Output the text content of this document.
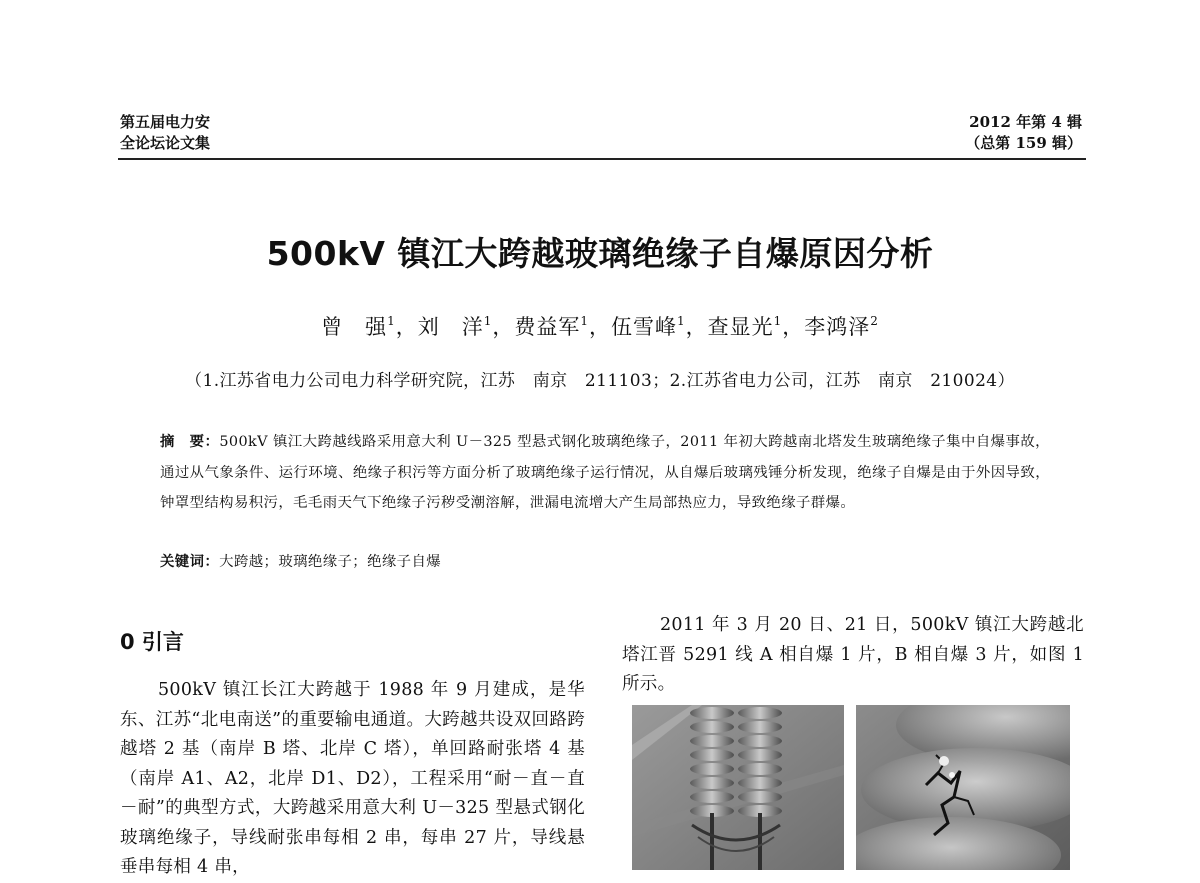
第五届电力安
全论坛论文集
2012 年第 4 辑
（总第 159 辑）
500kV 镇江大跨越玻璃绝缘子自爆原因分析
曾　强$^1$，刘　洋$^1$，费益军$^1$，伍雪峰$^1$，查显光$^1$，李鸿泽$^2$
（1.江苏省电力公司电力科学研究院，江苏　南京　211103；2.江苏省电力公司，江苏　南京　210024）
摘　要：500kV 镇江大跨越线路采用意大利 U－325 型悬式钢化玻璃绝缘子，2011 年初大跨越南北塔发生玻璃绝缘子集中自爆事故，通过从气象条件、运行环境、绝缘子积污等方面分析了玻璃绝缘子运行情况，从自爆后玻璃残锤分析发现，绝缘子自爆是由于外因导致，钟罩型结构易积污，毛毛雨天气下绝缘子污秽受潮溶解，泄漏电流增大产生局部热应力，导致绝缘子群爆。
关键词：大跨越；玻璃绝缘子；绝缘子自爆
0 引言
500kV 镇江长江大跨越于 1988 年 9 月建成，是华东、江苏“北电南送”的重要输电通道。大跨越共设双回路跨越塔 2 基（南岸 B 塔、北岸 C 塔），单回路耐张塔 4 基（南岸 A1、A2，北岸 D1、D2），工程采用“耐－直－直－耐”的典型方式，大跨越采用意大利 U－325 型悬式钢化玻璃绝缘子，导线耐张串每相 2 串，每串 27 片，导线悬垂串每相 4 串，
2011 年 3 月 20 日、21 日，500kV 镇江大跨越北塔江晋 5291 线 A 相自爆 1 片，B 相自爆 3 片，如图 1 所示。
